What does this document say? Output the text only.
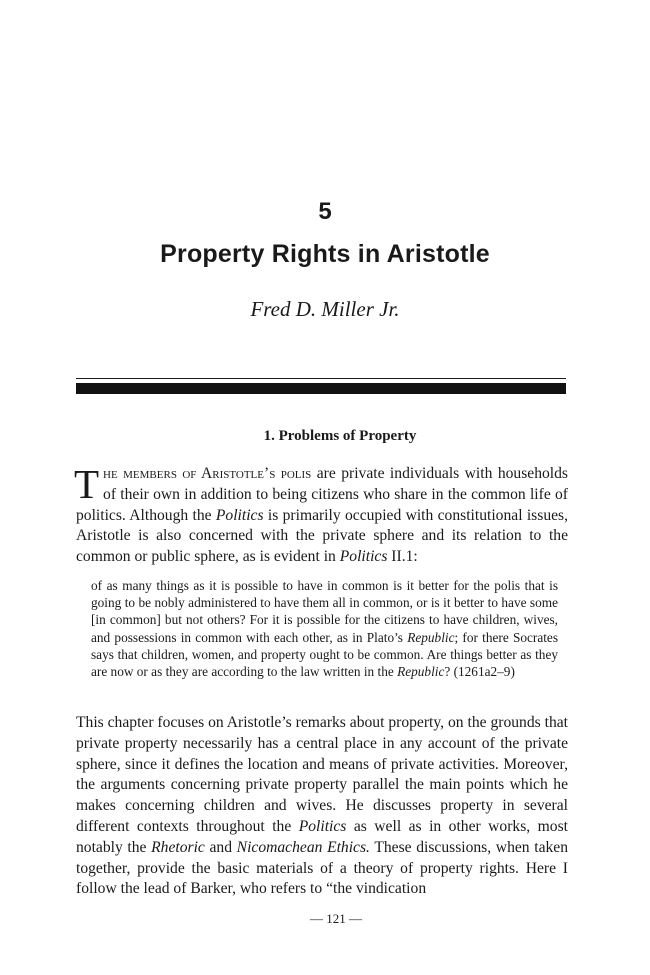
5
Property Rights in Aristotle
Fred D. Miller Jr.
1. Problems of Property
The members of Aristotle’s polis are private individuals with households of their own in addition to being citizens who share in the common life of politics. Although the Politics is primarily occupied with constitutional issues, Aristotle is also concerned with the private sphere and its relation to the common or public sphere, as is evident in Politics II.1:
of as many things as it is possible to have in common is it better for the polis that is going to be nobly administered to have them all in common, or is it better to have some [in common] but not others? For it is possible for the citizens to have children, wives, and possessions in common with each other, as in Plato’s Republic; for there Socrates says that children, women, and property ought to be common. Are things better as they are now or as they are according to the law written in the Republic? (1261a2–9)
This chapter focuses on Aristotle’s remarks about property, on the grounds that private property necessarily has a central place in any account of the private sphere, since it defines the location and means of private activities. Moreover, the arguments concerning private property parallel the main points which he makes concerning children and wives. He discusses property in several different contexts throughout the Politics as well as in other works, most notably the Rhetoric and Nicomachean Ethics. These discussions, when taken together, provide the basic materials of a theory of property rights. Here I follow the lead of Barker, who refers to “the vindication
— 121 —
